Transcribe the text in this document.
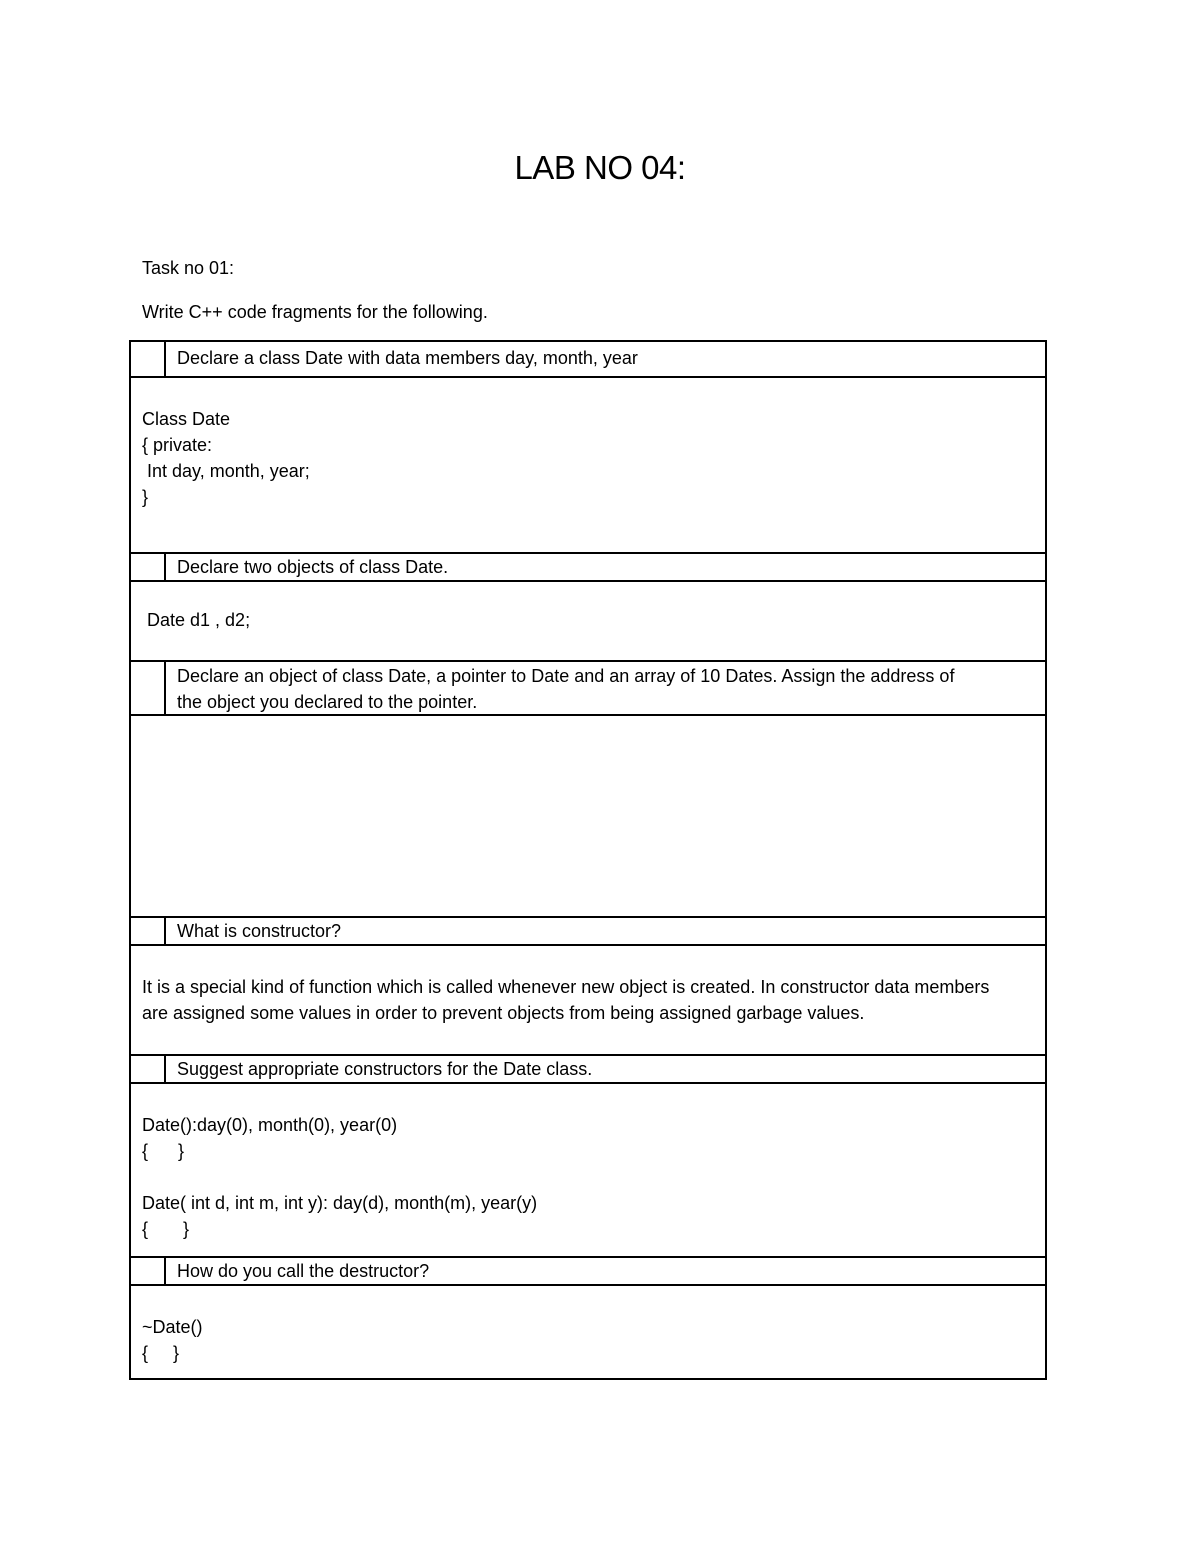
LAB NO 04:
Task no 01:
Write C++ code fragments for the following.
Declare a class Date with data members day, month, year
Class Date
{ private:
Int day, month, year;
}
Declare two objects of class Date.
Date d1 , d2;
Declare an object of class Date, a pointer to Date and an array of 10 Dates. Assign the address of the object you declared to the pointer.
What is constructor?
It is a special kind of function which is called whenever new object is created. In constructor data members are assigned some values in order to prevent objects from being assigned garbage values.
Suggest appropriate constructors for the Date class.
Date():day(0), month(0), year(0)
{      }
Date( int d, int m, int y): day(d), month(m), year(y)
{       }
How do you call the destructor?
~Date()
{     }
